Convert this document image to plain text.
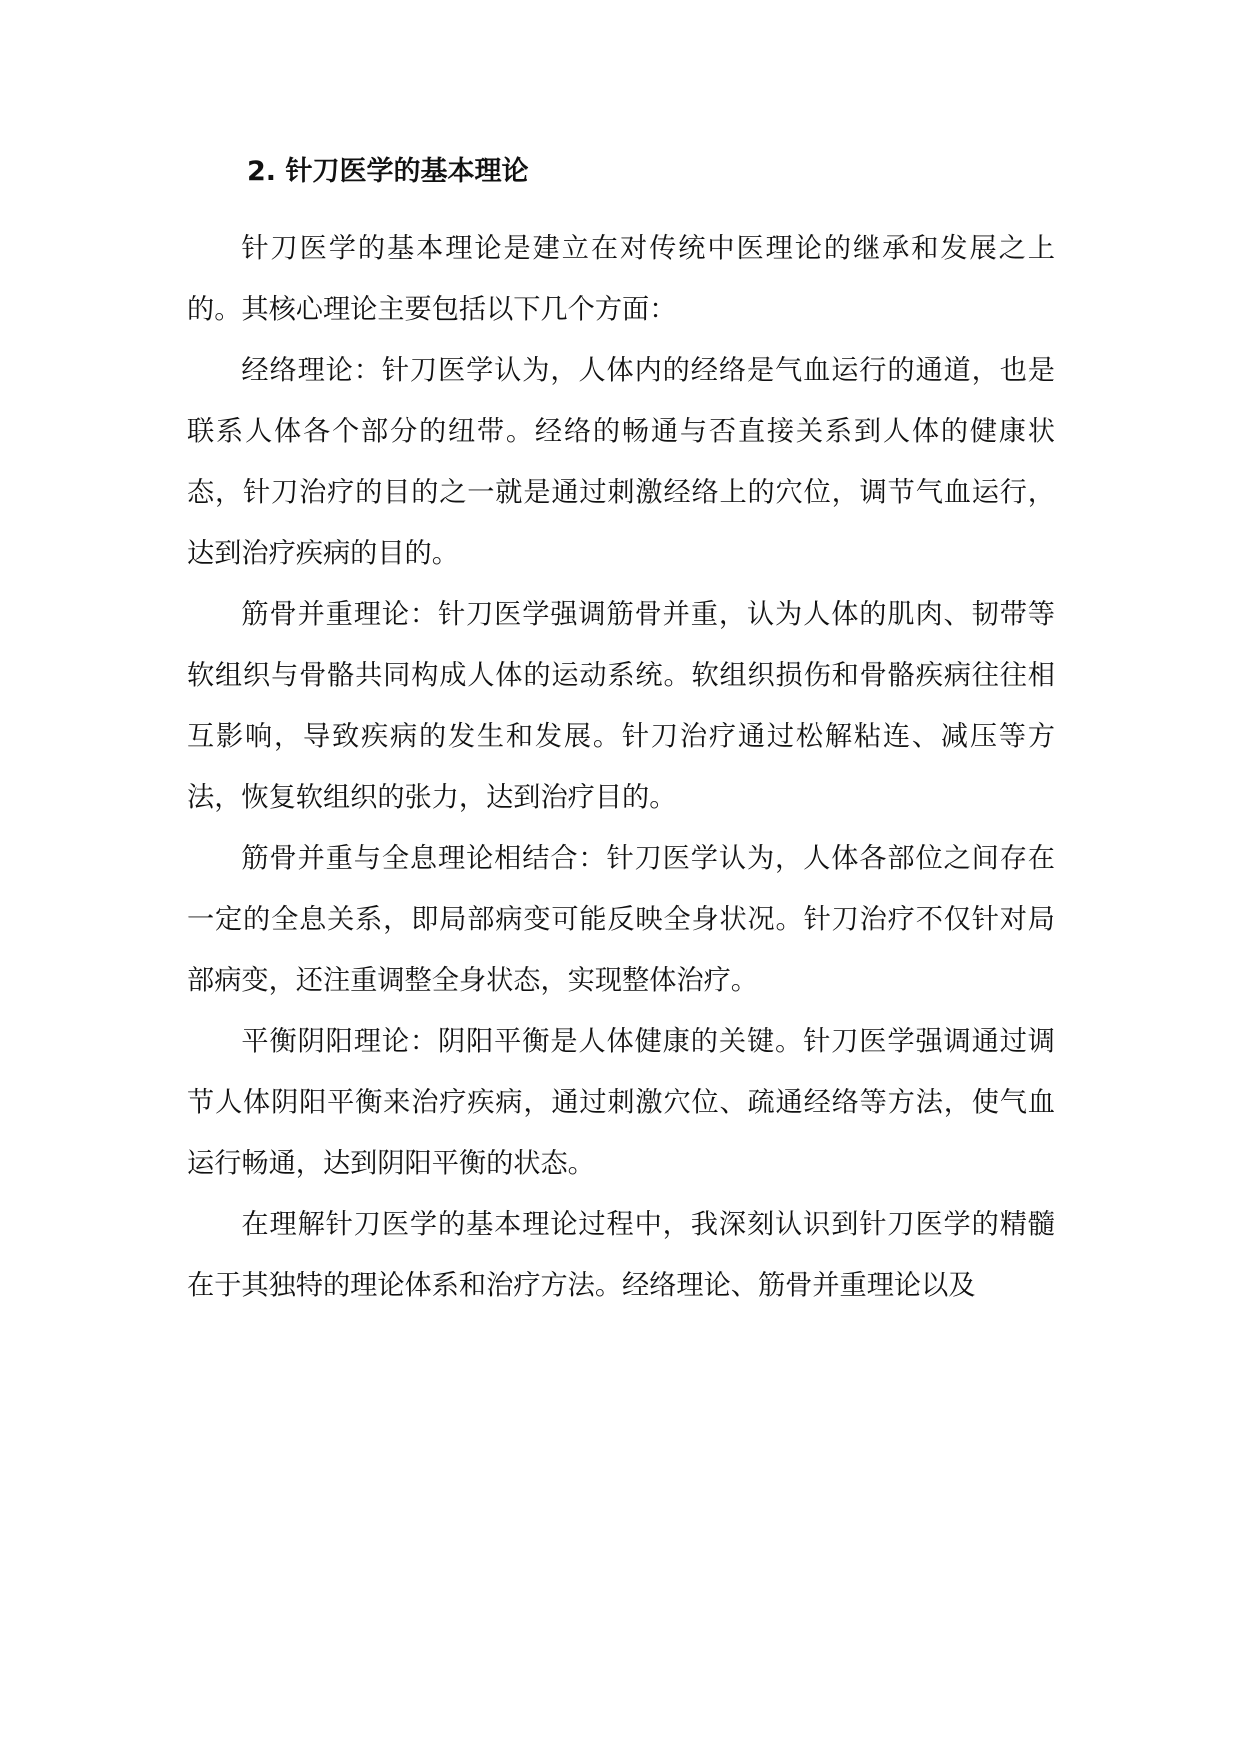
2. 针刀医学的基本理论

针刀医学的基本理论是建立在对传统中医理论的继承和发展之上的。其核心理论主要包括以下几个方面：

经络理论：针刀医学认为，人体内的经络是气血运行的通道，也是联系人体各个部分的纽带。经络的畅通与否直接关系到人体的健康状态，针刀治疗的目的之一就是通过刺激经络上的穴位，调节气血运行，达到治疗疾病的目的。

筋骨并重理论：针刀医学强调筋骨并重，认为人体的肌肉、韧带等软组织与骨骼共同构成人体的运动系统。软组织损伤和骨骼疾病往往相互影响，导致疾病的发生和发展。针刀治疗通过松解粘连、减压等方法，恢复软组织的张力，达到治疗目的。

筋骨并重与全息理论相结合：针刀医学认为，人体各部位之间存在一定的全息关系，即局部病变可能反映全身状况。针刀治疗不仅针对局部病变，还注重调整全身状态，实现整体治疗。

平衡阴阳理论：阴阳平衡是人体健康的关键。针刀医学强调通过调节人体阴阳平衡来治疗疾病，通过刺激穴位、疏通经络等方法，使气血运行畅通，达到阴阳平衡的状态。

在理解针刀医学的基本理论过程中，我深刻认识到针刀医学的精髓在于其独特的理论体系和治疗方法。经络理论、筋骨并重理论以及
